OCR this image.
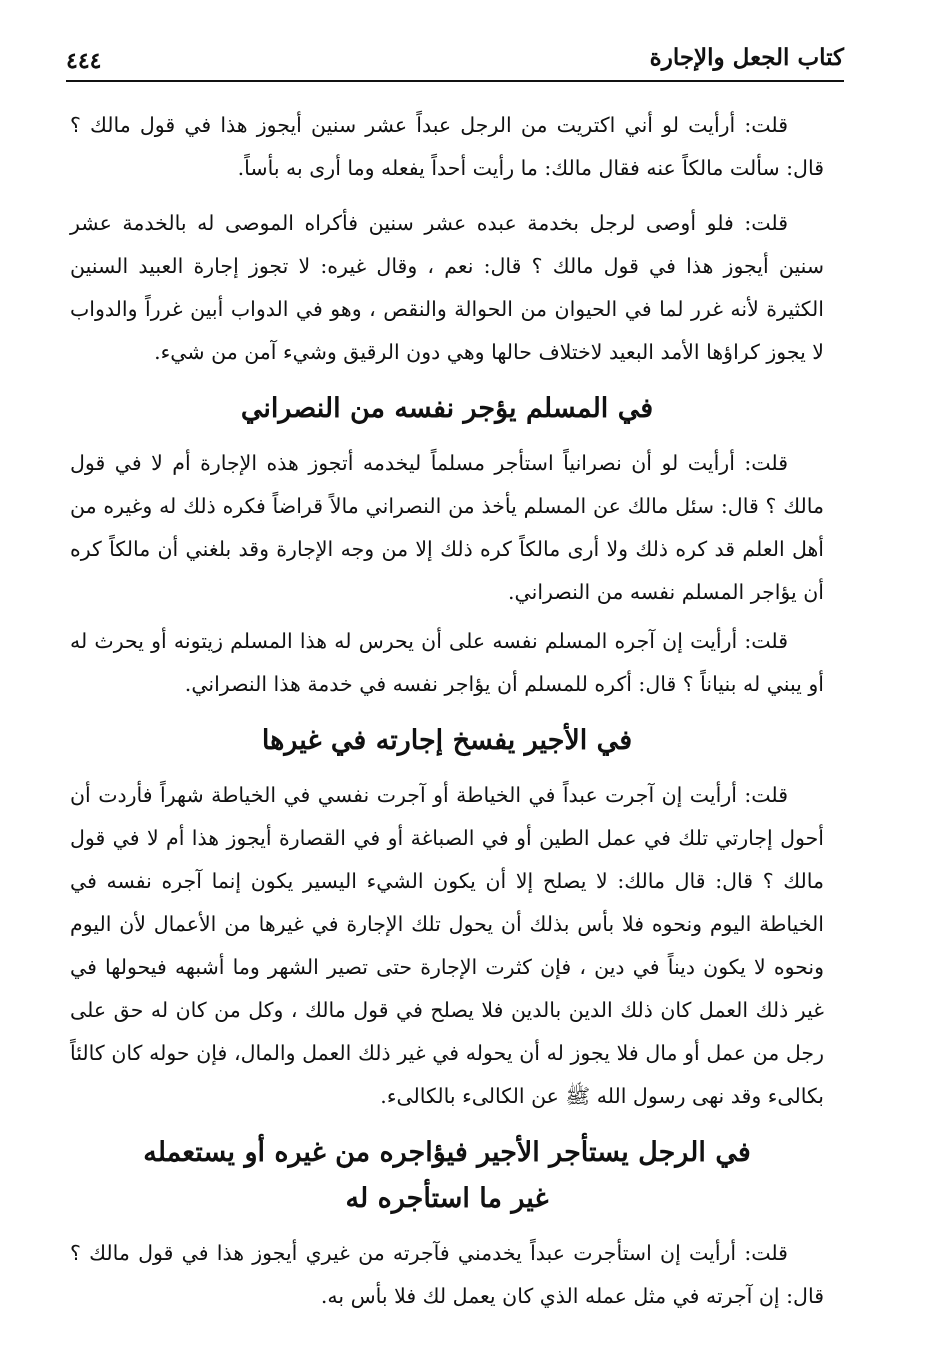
كتاب الجعل والإجارة
٤٤٤

قلت: أرأيت لو أني اكتريت من الرجل عبداً عشر سنين أيجوز هذا في قول مالك ؟ قال: سألت مالكاً عنه فقال مالك: ما رأيت أحداً يفعله وما أرى به بأساً.

قلت: فلو أوصى لرجل بخدمة عبده عشر سنين فأكراه الموصى له بالخدمة عشر سنين أيجوز هذا في قول مالك ؟ قال: نعم ، وقال غيره: لا تجوز إجارة العبيد السنين الكثيرة لأنه غرر لما في الحيوان من الحوالة والنقص ، وهو في الدواب أبين غرراً والدواب لا يجوز كراؤها الأمد البعيد لاختلاف حالها وهي دون الرقيق وشيء آمن من شيء.

في المسلم يؤجر نفسه من النصراني

قلت: أرأيت لو أن نصرانياً استأجر مسلماً ليخدمه أتجوز هذه الإجارة أم لا في قول مالك ؟ قال: سئل مالك عن المسلم يأخذ من النصراني مالاً قراضاً فكره ذلك له وغيره من أهل العلم قد كره ذلك ولا أرى مالكاً كره ذلك إلا من وجه الإجارة وقد بلغني أن مالكاً كره أن يؤاجر المسلم نفسه من النصراني.

قلت: أرأيت إن آجره المسلم نفسه على أن يحرس له هذا المسلم زيتونه أو يحرث له أو يبني له بنياناً ؟ قال: أكره للمسلم أن يؤاجر نفسه في خدمة هذا النصراني.

في الأجير يفسخ إجارته في غيرها

قلت: أرأيت إن آجرت عبداً في الخياطة أو آجرت نفسي في الخياطة شهراً فأردت أن أحول إجارتي تلك في عمل الطين أو في الصباغة أو في القصارة أيجوز هذا أم لا في قول مالك ؟ قال: قال مالك: لا يصلح إلا أن يكون الشيء اليسير يكون إنما آجره نفسه في الخياطة اليوم ونحوه فلا بأس بذلك أن يحول تلك الإجارة في غيرها من الأعمال لأن اليوم ونحوه لا يكون ديناً في دين ، فإن كثرت الإجارة حتى تصير الشهر وما أشبهه فيحولها في غير ذلك العمل كان ذلك الدين بالدين فلا يصلح في قول مالك ، وكل من كان له حق على رجل من عمل أو مال فلا يجوز له أن يحوله في غير ذلك العمل والمال، فإن حوله كان كالئاً بكالىء وقد نهى رسول الله ﷺ عن الكالىء بالكالىء.

في الرجل يستأجر الأجير فيؤاجره من غيره أو يستعمله
غير ما استأجره له

قلت: أرأيت إن استأجرت عبداً يخدمني فآجرته من غيري أيجوز هذا في قول مالك ؟ قال: إن آجرته في مثل عمله الذي كان يعمل لك فلا بأس به.
